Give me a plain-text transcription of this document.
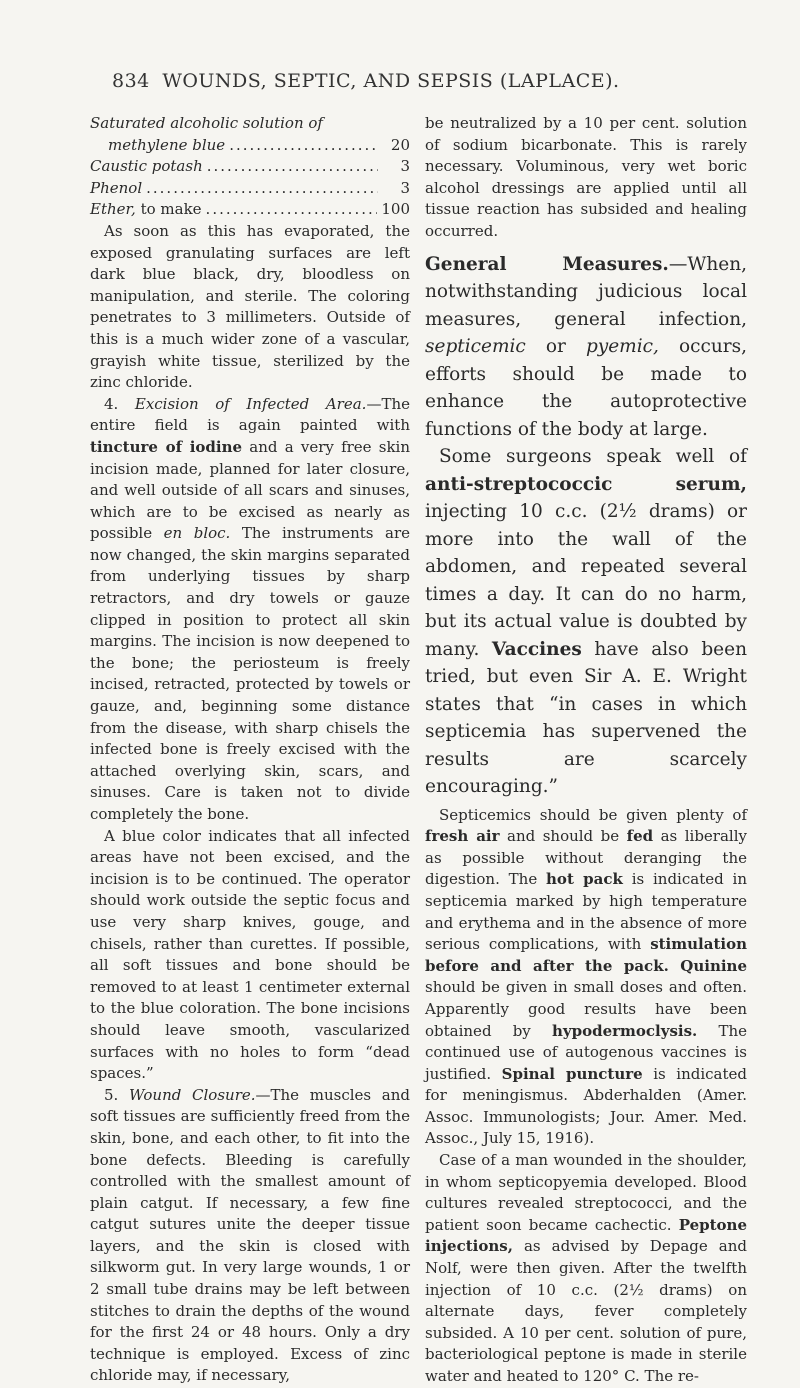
834 WOUNDS, SEPTIC, AND SEPSIS (LAPLACE).
Saturated alcoholic solution of
methylene blue .....	20
Caustic potash .....	3
Phenol .....	3
Ether, to make .....	100

As soon as this has evaporated, the exposed granulating surfaces are left dark blue black, dry, bloodless on manipulation, and sterile. The coloring penetrates to 3 millimeters. Outside of this is a much wider zone of a vascular, grayish white tissue, sterilized by the zinc chloride.

4. Excision of Infected Area.—The entire field is again painted with tincture of iodine and a very free skin incision made, planned for later closure, and well outside of all scars and sinuses, which are to be excised as nearly as possible en bloc. The instruments are now changed, the skin margins separated from underlying tissues by sharp retractors, and dry towels or gauze clipped in position to protect all skin margins. The incision is now deepened to the bone; the periosteum is freely incised, retracted, protected by towels or gauze, and, beginning some distance from the disease, with sharp chisels the infected bone is freely excised with the attached overlying skin, scars, and sinuses. Care is taken not to divide completely the bone.

A blue color indicates that all infected areas have not been excised, and the incision is to be continued. The operator should work outside the septic focus and use very sharp knives, gouge, and chisels, rather than curettes. If possible, all soft tissues and bone should be removed to at least 1 centimeter external to the blue coloration. The bone incisions should leave smooth, vascularized surfaces with no holes to form “dead spaces.”

5. Wound Closure.—The muscles and soft tissues are sufficiently freed from the skin, bone, and each other, to fit into the bone defects. Bleeding is carefully controlled with the smallest amount of plain catgut. If necessary, a few fine catgut sutures unite the deeper tissue layers, and the skin is closed with silkworm gut. In very large wounds, 1 or 2 small tube drains may be left between stitches to drain the depths of the wound for the first 24 or 48 hours. Only a dry technique is employed. Excess of zinc chloride may, if necessary,

be neutralized by a 10 per cent. solution of sodium bicarbonate. This is rarely necessary. Voluminous, very wet boric alcohol dressings are applied until all tissue reaction has subsided and healing occurred.

General Measures.—When, notwithstanding judicious local measures, general infection, septicemic or pyemic, occurs, efforts should be made to enhance the autoprotective functions of the body at large.

Some surgeons speak well of anti-streptococcic serum, injecting 10 c.c. (2½ drams) or more into the wall of the abdomen, and repeated several times a day. It can do no harm, but its actual value is doubted by many. Vaccines have also been tried, but even Sir A. E. Wright states that “in cases in which septicemia has supervened the results are scarcely encouraging.”

Septicemics should be given plenty of fresh air and should be fed as liberally as possible without deranging the digestion. The hot pack is indicated in septicemia marked by high temperature and erythema and in the absence of more serious complications, with stimulation before and after the pack. Quinine should be given in small doses and often. Apparently good results have been obtained by hypodermoclysis. The continued use of autogenous vaccines is justified. Spinal puncture is indicated for meningismus. Abderhalden (Amer. Assoc. Immunologists; Jour. Amer. Med. Assoc., July 15, 1916).

Case of a man wounded in the shoulder, in whom septicopyemia developed. Blood cultures revealed streptococci, and the patient soon became cachectic. Peptone injections, as advised by Depage and Nolf, were then given. After the twelfth injection of 10 c.c. (2½ drams) on alternate days, fever completely subsided. A 10 per cent. solution of pure, bacteriological peptone is made in sterile water and heated to 120° C. The re-
